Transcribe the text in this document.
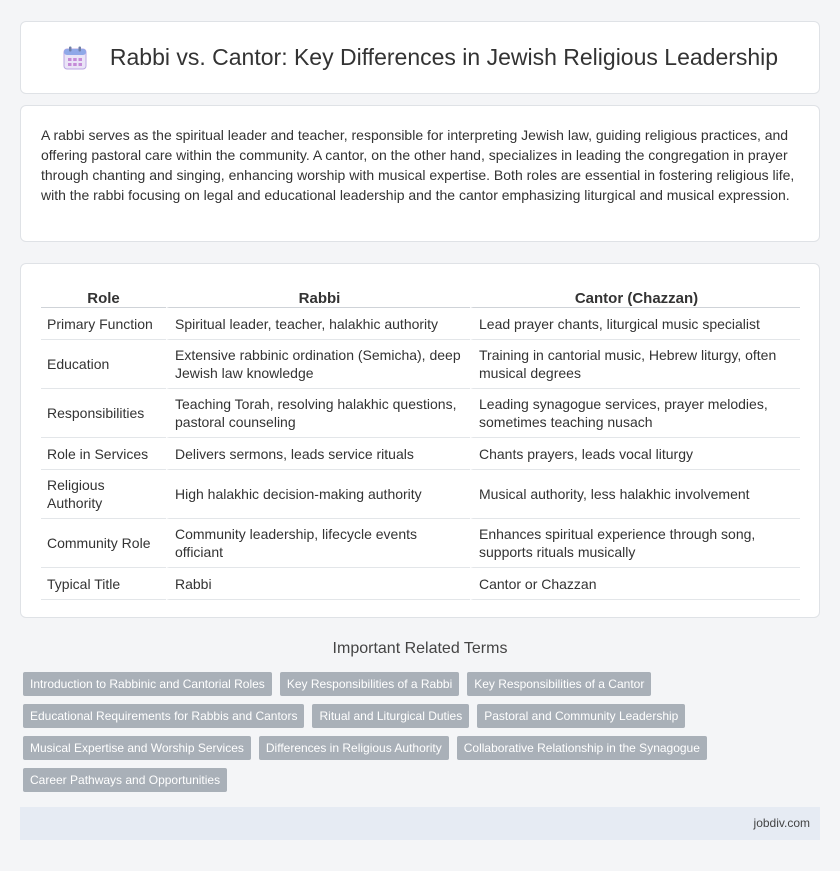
Rabbi vs. Cantor: Key Differences in Jewish Religious Leadership

A rabbi serves as the spiritual leader and teacher, responsible for interpreting Jewish law, guiding religious practices, and offering pastoral care within the community. A cantor, on the other hand, specializes in leading the congregation in prayer through chanting and singing, enhancing worship with musical expertise. Both roles are essential in fostering religious life, with the rabbi focusing on legal and educational leadership and the cantor emphasizing liturgical and musical expression.

Role	Rabbi	Cantor (Chazzan)
Primary Function	Spiritual leader, teacher, halakhic authority	Lead prayer chants, liturgical music specialist
Education	Extensive rabbinic ordination (Semicha), deep Jewish law knowledge	Training in cantorial music, Hebrew liturgy, often musical degrees
Responsibilities	Teaching Torah, resolving halakhic questions, pastoral counseling	Leading synagogue services, prayer melodies, sometimes teaching nusach
Role in Services	Delivers sermons, leads service rituals	Chants prayers, leads vocal liturgy
Religious Authority	High halakhic decision-making authority	Musical authority, less halakhic involvement
Community Role	Community leadership, lifecycle events officiant	Enhances spiritual experience through song, supports rituals musically
Typical Title	Rabbi	Cantor or Chazzan
Important Related Terms
Introduction to Rabbinic and Cantorial Roles	Key Responsibilities of a Rabbi	Key Responsibilities of a Cantor
Educational Requirements for Rabbis and Cantors	Ritual and Liturgical Duties	Pastoral and Community Leadership
Musical Expertise and Worship Services	Differences in Religious Authority	Collaborative Relationship in the Synagogue
Career Pathways and Opportunities
jobdiv.com
